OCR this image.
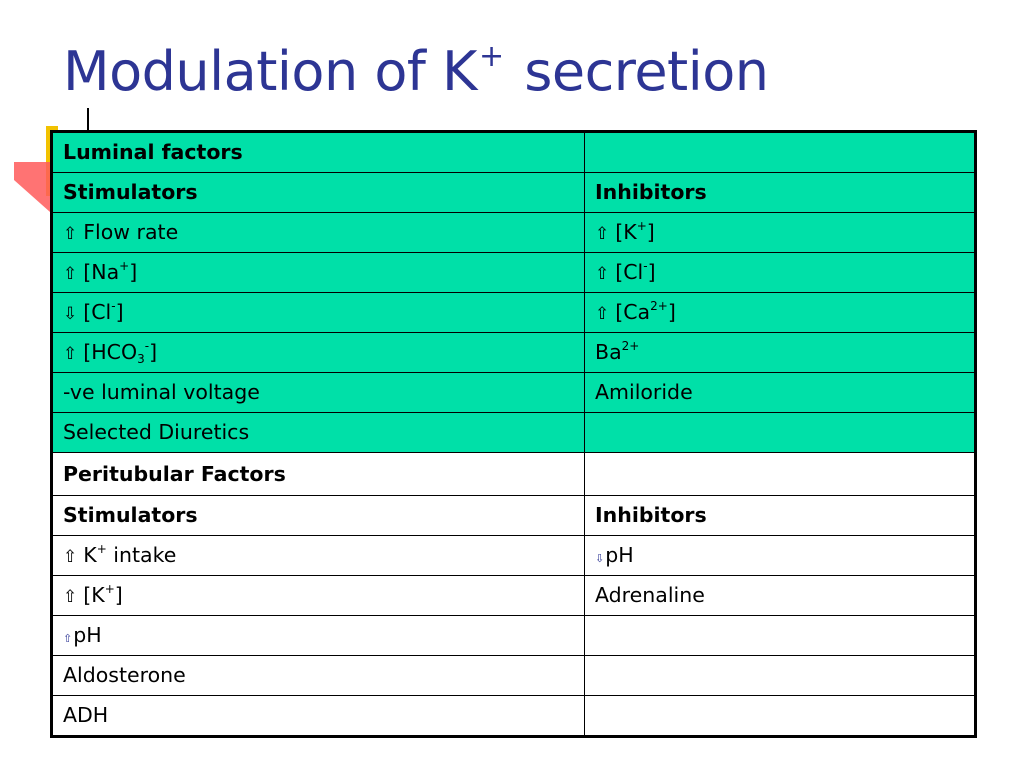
Modulation of K+ secretion
Luminal factors	
Stimulators	Inhibitors
⇧ Flow rate	⇧ [K+]
⇧ [Na+]	⇧ [Cl-]
⇩ [Cl-]	⇧ $[Ca^{2+}]$
⇧ $[HCO_3^-]$	$Ba^{2+}$
-ve luminal voltage	Amiloride
Selected Diuretics	
Peritubular Factors	
Stimulators	Inhibitors
⇧ K+ intake	⇩pH
⇧ [K+]	Adrenaline
⇧pH	
Aldosterone	
ADH	
